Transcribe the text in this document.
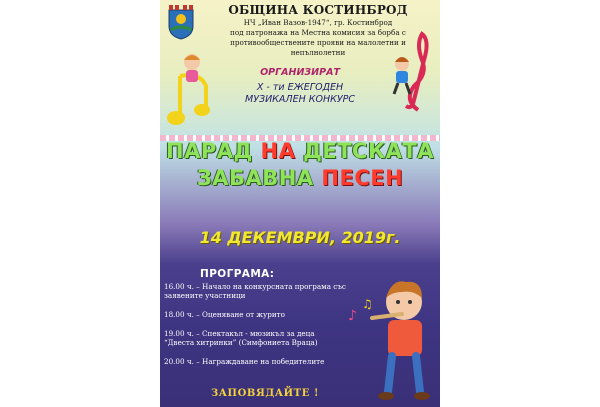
ОБЩИНА КОСТИНБРОД
НЧ „Иван Вазов-1947“, гр. Костинброд
под патронажа на Местна комисия за борба с
противообществените прояви на малолетни и
непълнолетни
ОРГАНИЗИРАТ
X - ти ЕЖЕГОДЕН
МУЗИКАЛЕН КОНКУРС
ПАРАД НА ДЕТСКАТА
ЗАБАВНА ПЕСЕН
14 ДЕКЕМВРИ, 2019г.
ПРОГРАМА:
16.00 ч. – Начало на конкурсната програма със
заявените участници
18.00 ч. – Оценяване от журито
19.00 ч. – Спектакъл - мюзикъл за деца
“Двеста хитринки” (Симфониета Враца)
20.00 ч. – Награждаване на победителите
♪
♫
ЗАПОВЯДАЙТЕ !
